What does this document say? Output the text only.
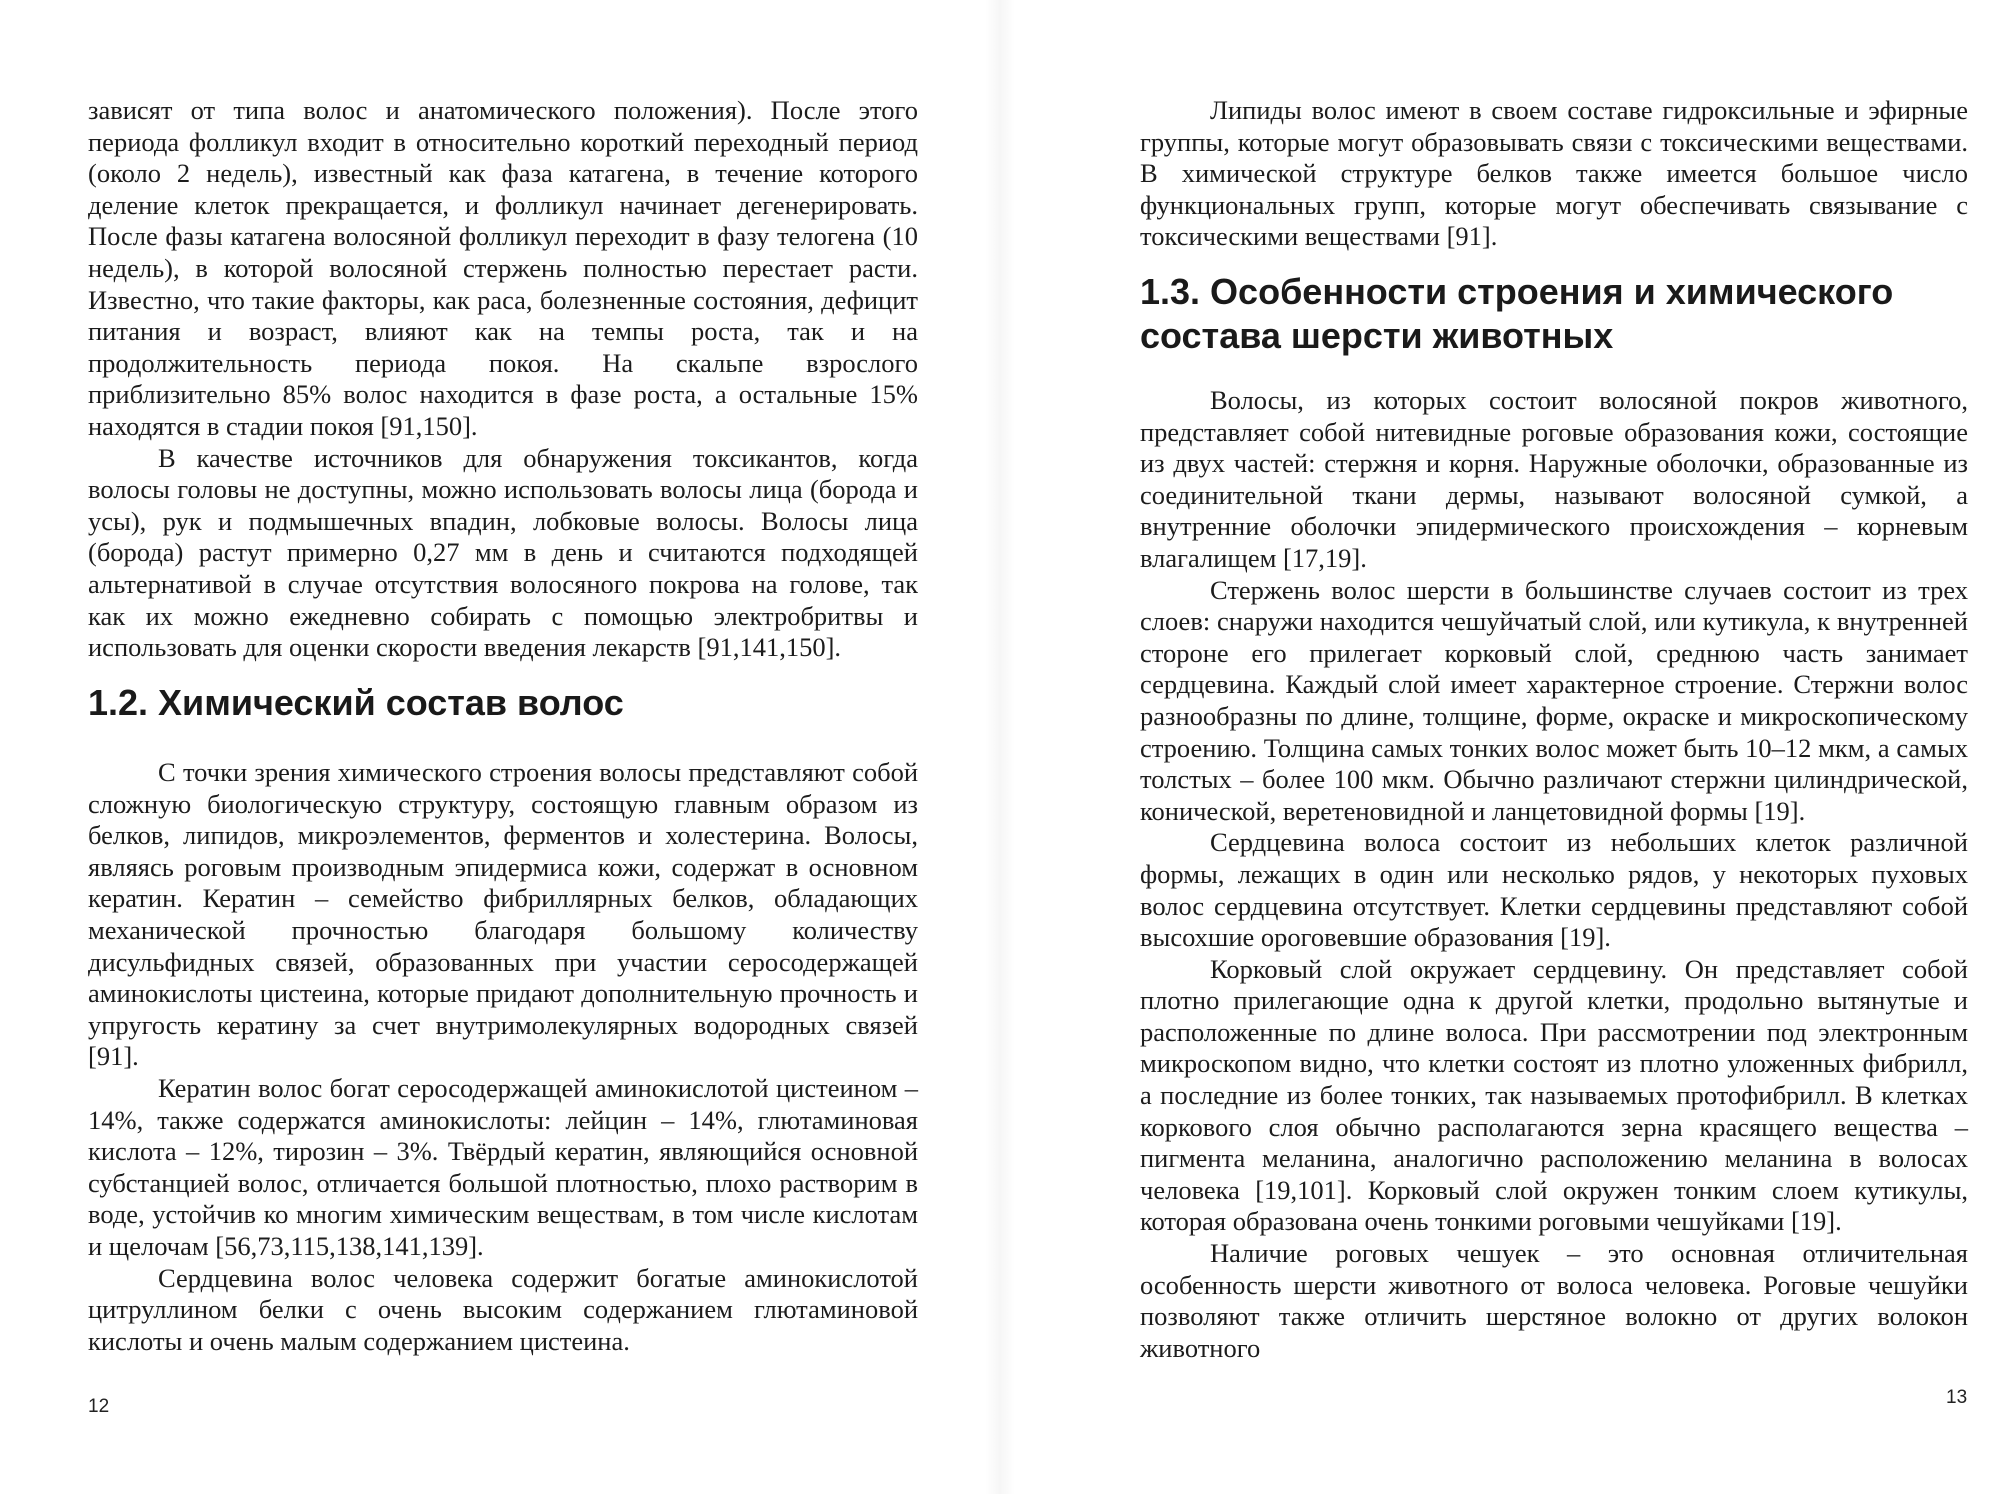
зависят от типа волос и анатомического положения). После этого периода фолликул входит в относительно короткий переходный период (около 2 недель), известный как фаза катагена, в течение которого деление клеток прекращается, и фолликул начинает дегенерировать. После фазы катагена волосяной фолликул переходит в фазу телогена (10 недель), в которой волосяной стержень полностью перестает расти. Известно, что такие факторы, как раса, болезненные состояния, дефицит питания и возраст, влияют как на темпы роста, так и на продолжительность периода покоя. На скальпе взрослого приблизительно 85% волос находится в фазе роста, а остальные 15% находятся в стадии покоя [91,150].

В качестве источников для обнаружения токсикантов, когда волосы головы не доступны, можно использовать волосы лица (борода и усы), рук и подмышечных впадин, лобковые волосы. Волосы лица (борода) растут примерно 0,27 мм в день и считаются подходящей альтернативой в случае отсутствия волосяного покрова на голове, так как их можно ежедневно собирать с помощью электробритвы и использовать для оценки скорости введения лекарств [91,141,150].

1.2. Химический состав волос

С точки зрения химического строения волосы представляют собой сложную биологическую структуру, состоящую главным образом из белков, липидов, микроэлементов, ферментов и холестерина. Волосы, являясь роговым производным эпидермиса кожи, содержат в основном кератин. Кератин – семейство фибриллярных белков, обладающих механической прочностью благодаря большому количеству дисульфидных связей, образованных при участии серосодержащей аминокислоты цистеина, которые придают дополнительную прочность и упругость кератину за счет внутримолекулярных водородных связей [91].

Кератин волос богат серосодержащей аминокислотой цистеином – 14%, также содержатся аминокислоты: лейцин – 14%, глютаминовая кислота – 12%, тирозин – 3%. Твёрдый кератин, являющийся основной субстанцией волос, отличается большой плотностью, плохо растворим в воде, устойчив ко многим химическим веществам, в том числе кислотам и щелочам [56,73,115,138,141,139].

Сердцевина волос человека содержит богатые аминокислотой цитруллином белки с очень высоким содержанием глютаминовой кислоты и очень малым содержанием цистеина.

12

Липиды волос имеют в своем составе гидроксильные и эфирные группы, которые могут образовывать связи с токсическими веществами. В химической структуре белков также имеется большое число функциональных групп, которые могут обеспечивать связывание с токсическими веществами [91].

1.3. Особенности строения и химического состава шерсти животных

Волосы, из которых состоит волосяной покров животного, представляет собой нитевидные роговые образования кожи, состоящие из двух частей: стержня и корня. Наружные оболочки, образованные из соединительной ткани дермы, называют волосяной сумкой, а внутренние оболочки эпидермического происхождения – корневым влагалищем [17,19].

Стержень волос шерсти в большинстве случаев состоит из трех слоев: снаружи находится чешуйчатый слой, или кутикула, к внутренней стороне его прилегает корковый слой, среднюю часть занимает сердцевина. Каждый слой имеет характерное строение. Стержни волос разнообразны по длине, толщине, форме, окраске и микроскопическому строению. Толщина самых тонких волос может быть 10–12 мкм, а самых толстых – более 100 мкм. Обычно различают стержни цилиндрической, конической, веретеновидной и ланцетовидной формы [19].

Сердцевина волоса состоит из небольших клеток различной формы, лежащих в один или несколько рядов, у некоторых пуховых волос сердцевина отсутствует. Клетки сердцевины представляют собой высохшие ороговевшие образования [19].

Корковый слой окружает сердцевину. Он представляет собой плотно прилегающие одна к другой клетки, продольно вытянутые и расположенные по длине волоса. При рассмотрении под электронным микроскопом видно, что клетки состоят из плотно уложенных фибрилл, а последние из более тонких, так называемых протофибрилл. В клетках коркового слоя обычно располагаются зерна красящего вещества – пигмента меланина, аналогично расположению меланина в волосах человека [19,101]. Корковый слой окружен тонким слоем кутикулы, которая образована очень тонкими роговыми чешуйками [19].

Наличие роговых чешуек – это основная отличительная особенность шерсти животного от волоса человека. Роговые чешуйки позволяют также отличить шерстяное волокно от других волокон животного

13
